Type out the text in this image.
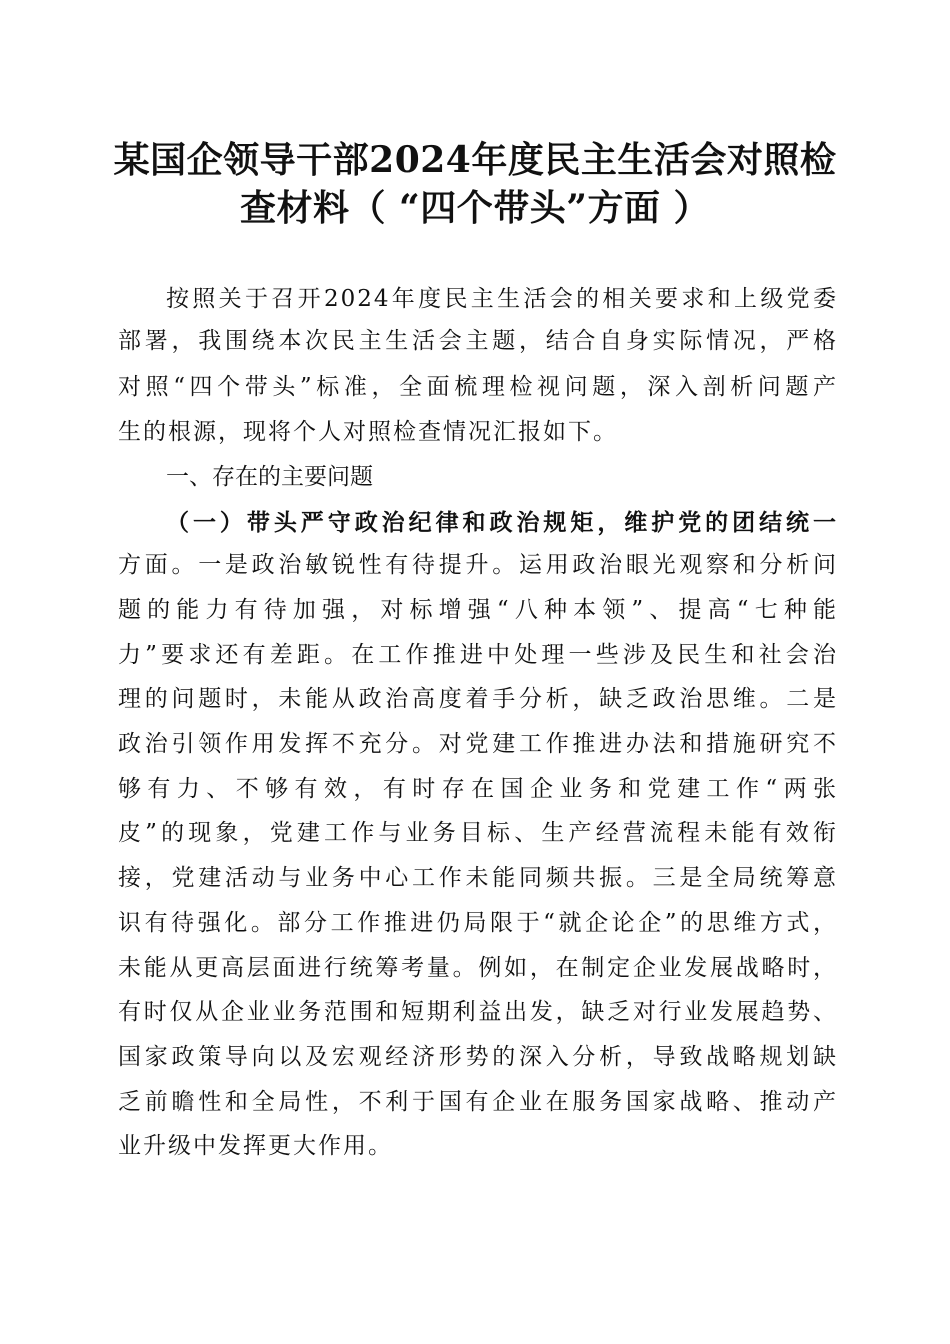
某国企领导干部2024年度民主生活会对照检
查材料（ “四个带头”方面 ）
按照关于召开2024年度民主生活会的相关要求和上级党委
部署，我围绕本次民主生活会主题，结合自身实际情况，严格
对照“四个带头”标准，全面梳理检视问题，深入剖析问题产
生的根源，现将个人对照检查情况汇报如下。
一、存在的主要问题
（一）带头严守政治纪律和政治规矩，维护党的团结统一
方面。一是政治敏锐性有待提升。运用政治眼光观察和分析问
题的能力有待加强，对标增强“八种本领”、提高“七种能
力”要求还有差距。在工作推进中处理一些涉及民生和社会治
理的问题时，未能从政治高度着手分析，缺乏政治思维。二是
政治引领作用发挥不充分。对党建工作推进办法和措施研究不
够有力、不够有效，有时存在国企业务和党建工作“两张
皮”的现象，党建工作与业务目标、生产经营流程未能有效衔
接，党建活动与业务中心工作未能同频共振。三是全局统筹意
识有待强化。部分工作推进仍局限于“就企论企”的思维方式，
未能从更高层面进行统筹考量。例如，在制定企业发展战略时，
有时仅从企业业务范围和短期利益出发，缺乏对行业发展趋势、
国家政策导向以及宏观经济形势的深入分析，导致战略规划缺
乏前瞻性和全局性，不利于国有企业在服务国家战略、推动产
业升级中发挥更大作用。
